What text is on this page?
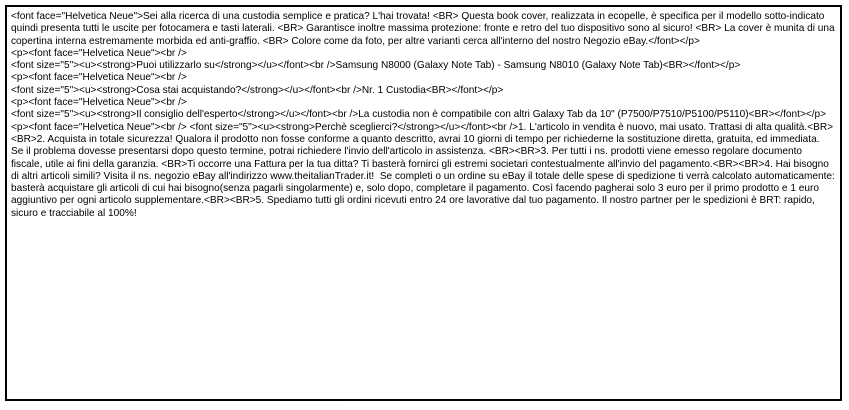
<font face="Helvetica Neue">Sei alla ricerca di una custodia semplice e pratica? L'hai trovata! <BR> Questa book cover, realizzata in ecopelle, è specifica per il modello sotto-indicato quindi presenta tutti le uscite per fotocamera e tasti laterali. <BR> Garantisce inoltre massima protezione: fronte e retro del tuo dispositivo sono al sicuro! <BR> La cover è munita di una copertina interna estremamente morbida ed anti-graffio. <BR> Colore come da foto, per altre varianti cerca all'interno del nostro Negozio eBay.</font></p>
<p><font face="Helvetica Neue"><br />
<font size="5"><u><strong>Puoi utilizzarlo su</strong></u></font><br />Samsung N8000 (Galaxy Note Tab) - Samsung N8010 (Galaxy Note Tab)<BR></font></p>
<p><font face="Helvetica Neue"><br />
<font size="5"><u><strong>Cosa stai acquistando?</strong></u></font><br />Nr. 1 Custodia<BR></font></p>
<p><font face="Helvetica Neue"><br />
<font size="5"><u><strong>Il consiglio dell'esperto</strong></u></font><br />La custodia non è compatibile con altri Galaxy Tab da 10" (P7500/P7510/P5100/P5110)<BR></font></p> <p><font face="Helvetica Neue"><br /> <font size="5"><u><strong>Perchè sceglierci?</strong></u></font><br />1. L'articolo in vendita è nuovo, mai usato. Trattasi di alta qualità.<BR><BR>2. Acquista in totale sicurezza! Qualora il prodotto non fosse conforme a quanto descritto, avrai 10 giorni di tempo per richiederne la sostituzione diretta, gratuita, ed immediata.
Se il problema dovesse presentarsi dopo questo termine, potrai richiedere l'invio dell'articolo in assistenza. <BR><BR>3. Per tutti i ns. prodotti viene emesso regolare documento fiscale, utile ai fini della garanzia. <BR>Ti occorre una Fattura per la tua ditta? Ti basterà fornirci gli estremi societari contestualmente all'invio del pagamento.<BR><BR>4. Hai bisogno di altri articoli simili? Visita il ns. negozio eBay all'indirizzo www.theitalianTrader.it!  Se completi o un ordine su eBay il totale delle spese di spedizione ti verrà calcolato automaticamente: basterà acquistare gli articoli di cui hai bisogno(senza pagarli singolarmente) e, solo dopo, completare il pagamento. Così facendo pagherai solo 3 euro per il primo prodotto e 1 euro aggiuntivo per ogni articolo supplementare.<BR><BR>5. Spediamo tutti gli ordini ricevuti entro 24 ore lavorative dal tuo pagamento. Il nostro partner per le spedizioni è BRT: rapido, sicuro e tracciabile al 100%!

· · · · · · · · · · · · · · · · · · · · · · · · · · · · · · · · · · · · · · · · · · · · · · · · · · · · · · · · · · · · · · · · · · · · · · · · · · · · · · · · · · · · · · · · · · · · · · · · · · · · · · · · · · · · · · · · · · · · · · · · · · · · · · · · · · · · · · · · · · · · · · · · · · · · · · · · · · · · · · · · · · · · · · · · · · · · · · · · · · · · · · · ·
